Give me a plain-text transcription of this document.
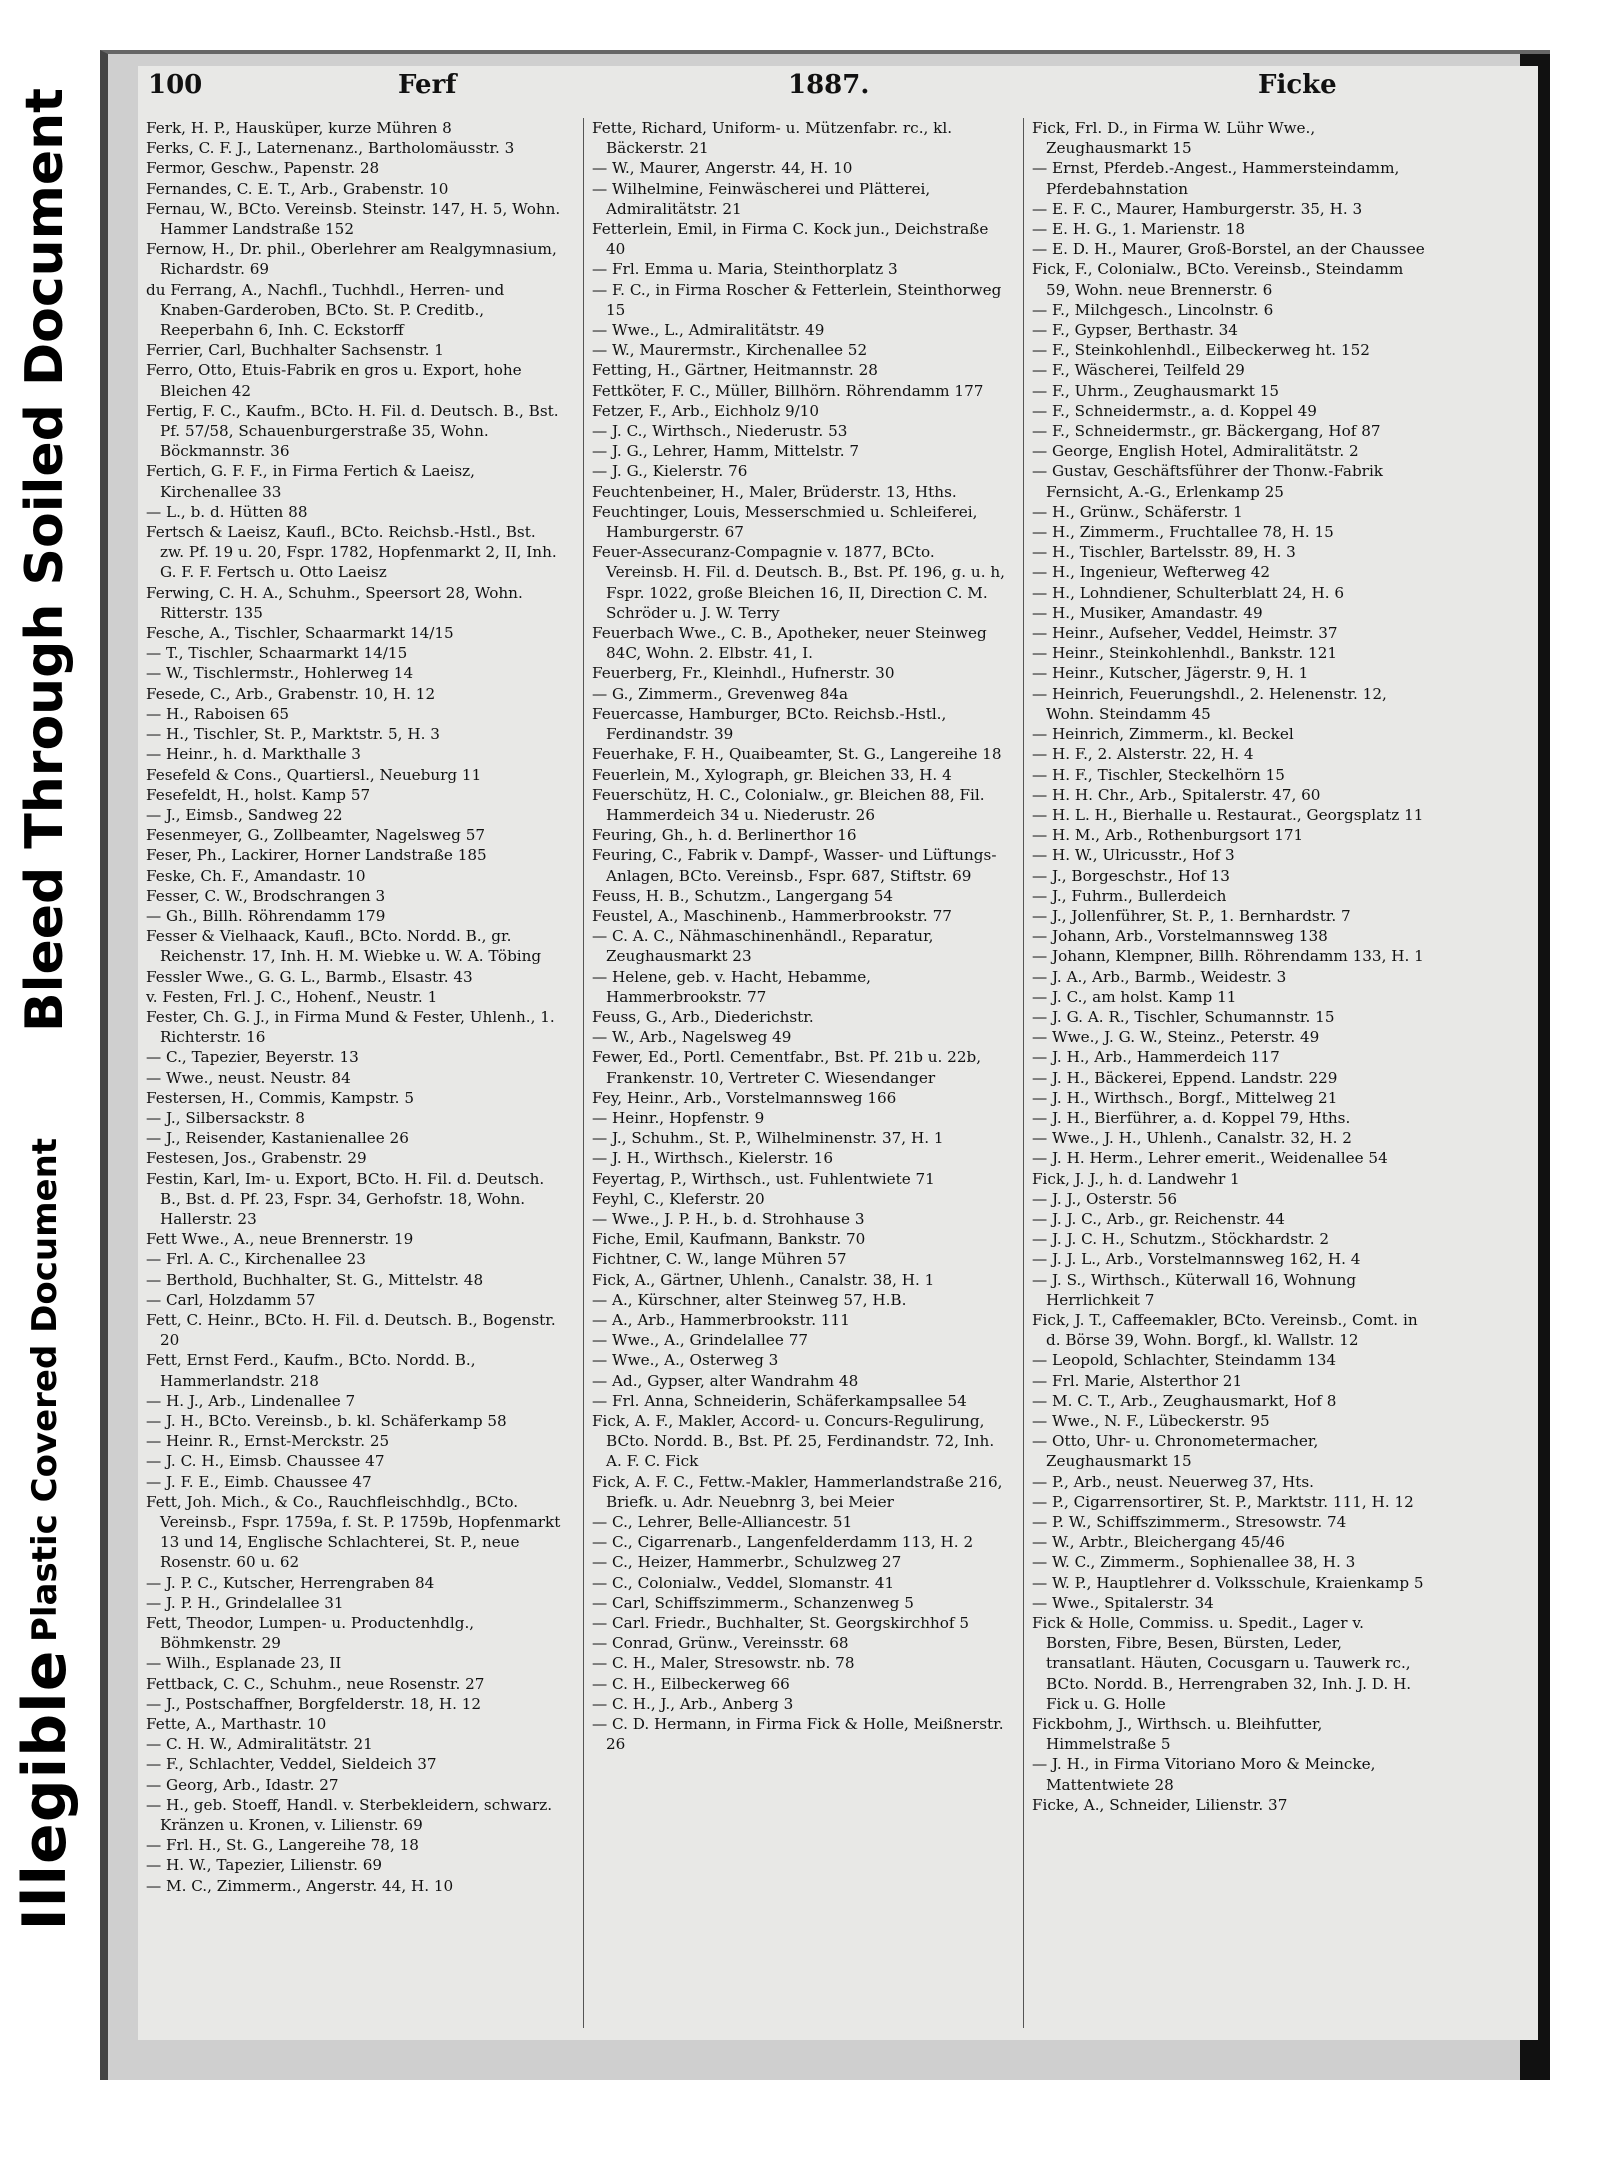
Illegible
Plastic Covered Document
Bleed Through Soiled Document
100	Ferf	1887.	Ficke

Ferk, H. P., Hausküper, kurze Mühren 8

Ferks, C. F. J., Laternenanz., Bartholomäusstr. 3

Fermor, Geschw., Papenstr. 28

Fernandes, C. E. T., Arb., Grabenstr. 10

Fernau, W., BCto. Vereinsb. Steinstr. 147, H. 5, Wohn. Hammer Landstraße 152

Fernow, H., Dr. phil., Oberlehrer am Realgymnasium, Richardstr. 69

du Ferrang, A., Nachfl., Tuchhdl., Herren- und Knaben-Garderoben, BCto. St. P. Creditb., Reeperbahn 6, Inh. C. Eckstorff

Ferrier, Carl, Buchhalter Sachsenstr. 1

Ferro, Otto, Etuis-Fabrik en gros u. Export, hohe Bleichen 42

Fertig, F. C., Kaufm., BCto. H. Fil. d. Deutsch. B., Bst. Pf. 57/58, Schauenburgerstraße 35, Wohn. Böckmannstr. 36

Fertich, G. F. F., in Firma Fertich & Laeisz, Kirchenallee 33

— L., b. d. Hütten 88

Fertsch & Laeisz, Kaufl., BCto. Reichsb.-Hstl., Bst. zw. Pf. 19 u. 20, Fspr. 1782, Hopfenmarkt 2, II, Inh. G. F. F. Fertsch u. Otto Laeisz

Ferwing, C. H. A., Schuhm., Speersort 28, Wohn. Ritterstr. 135

Fesche, A., Tischler, Schaarmarkt 14/15

— T., Tischler, Schaarmarkt 14/15

— W., Tischlermstr., Hohlerweg 14

Fesede, C., Arb., Grabenstr. 10, H. 12

— H., Raboisen 65

— H., Tischler, St. P., Marktstr. 5, H. 3

— Heinr., h. d. Markthalle 3

Fesefeld & Cons., Quartiersl., Neueburg 11

Fesefeldt, H., holst. Kamp 57

— J., Eimsb., Sandweg 22

Fesenmeyer, G., Zollbeamter, Nagelsweg 57

Feser, Ph., Lackirer, Horner Landstraße 185

Feske, Ch. F., Amandastr. 10

Fesser, C. W., Brodschrangen 3

— Gh., Billh. Röhrendamm 179

Fesser & Vielhaack, Kaufl., BCto. Nordd. B., gr. Reichenstr. 17, Inh. H. M. Wiebke u. W. A. Töbing

Fessler Wwe., G. G. L., Barmb., Elsastr. 43

v. Festen, Frl. J. C., Hohenf., Neustr. 1

Fester, Ch. G. J., in Firma Mund & Fester, Uhlenh., 1. Richterstr. 16

— C., Tapezier, Beyerstr. 13

— Wwe., neust. Neustr. 84

Festersen, H., Commis, Kampstr. 5

— J., Silbersackstr. 8

— J., Reisender, Kastanienallee 26

Festesen, Jos., Grabenstr. 29

Festin, Karl, Im- u. Export, BCto. H. Fil. d. Deutsch. B., Bst. d. Pf. 23, Fspr. 34, Gerhofstr. 18, Wohn. Hallerstr. 23

Fett Wwe., A., neue Brennerstr. 19

— Frl. A. C., Kirchenallee 23

— Berthold, Buchhalter, St. G., Mittelstr. 48

— Carl, Holzdamm 57

Fett, C. Heinr., BCto. H. Fil. d. Deutsch. B., Bogenstr. 20

Fett, Ernst Ferd., Kaufm., BCto. Nordd. B., Hammerlandstr. 218

— H. J., Arb., Lindenallee 7

— J. H., BCto. Vereinsb., b. kl. Schäferkamp 58

— Heinr. R., Ernst-Merckstr. 25

— J. C. H., Eimsb. Chaussee 47

— J. F. E., Eimb. Chaussee 47

Fett, Joh. Mich., & Co., Rauchfleischhdlg., BCto. Vereinsb., Fspr. 1759a, f. St. P. 1759b, Hopfenmarkt 13 und 14, Englische Schlachterei, St. P., neue Rosenstr. 60 u. 62

— J. P. C., Kutscher, Herrengraben 84

— J. P. H., Grindelallee 31

Fett, Theodor, Lumpen- u. Productenhdlg., Böhmkenstr. 29

— Wilh., Esplanade 23, II

Fettback, C. C., Schuhm., neue Rosenstr. 27

— J., Postschaffner, Borgfelderstr. 18, H. 12

Fette, A., Marthastr. 10

— C. H. W., Admiralitätstr. 21

— F., Schlachter, Veddel, Sieldeich 37

— Georg, Arb., Idastr. 27

— H., geb. Stoeff, Handl. v. Sterbekleidern, schwarz. Kränzen u. Kronen, v. Lilienstr. 69

— Frl. H., St. G., Langereihe 78, 18

— H. W., Tapezier, Lilienstr. 69

— M. C., Zimmerm., Angerstr. 44, H. 10

Fette, Richard, Uniform- u. Mützenfabr. rc., kl. Bäckerstr. 21

— W., Maurer, Angerstr. 44, H. 10

— Wilhelmine, Feinwäscherei und Plätterei, Admiralitätstr. 21

Fetterlein, Emil, in Firma C. Kock jun., Deichstraße 40

— Frl. Emma u. Maria, Steinthorplatz 3

— F. C., in Firma Roscher & Fetterlein, Steinthorweg 15

— Wwe., L., Admiralitätstr. 49

— W., Maurermstr., Kirchenallee 52

Fetting, H., Gärtner, Heitmannstr. 28

Fettköter, F. C., Müller, Billhörn. Röhrendamm 177

Fetzer, F., Arb., Eichholz 9/10

— J. C., Wirthsch., Niederustr. 53

— J. G., Lehrer, Hamm, Mittelstr. 7

— J. G., Kielerstr. 76

Feuchtenbeiner, H., Maler, Brüderstr. 13, Hths.

Feuchtinger, Louis, Messerschmied u. Schleiferei, Hamburgerstr. 67

Feuer-Assecuranz-Compagnie v. 1877, BCto. Vereinsb. H. Fil. d. Deutsch. B., Bst. Pf. 196, g. u. h, Fspr. 1022, große Bleichen 16, II, Direction C. M. Schröder u. J. W. Terry

Feuerbach Wwe., C. B., Apotheker, neuer Steinweg 84C, Wohn. 2. Elbstr. 41, I.

Feuerberg, Fr., Kleinhdl., Hufnerstr. 30

— G., Zimmerm., Grevenweg 84a

Feuercasse, Hamburger, BCto. Reichsb.-Hstl., Ferdinandstr. 39

Feuerhake, F. H., Quaibeamter, St. G., Langereihe 18

Feuerlein, M., Xylograph, gr. Bleichen 33, H. 4

Feuerschütz, H. C., Colonialw., gr. Bleichen 88, Fil. Hammerdeich 34 u. Niederustr. 26

Feuring, Gh., h. d. Berlinerthor 16

Feuring, C., Fabrik v. Dampf-, Wasser- und Lüftungs-Anlagen, BCto. Vereinsb., Fspr. 687, Stiftstr. 69

Feuss, H. B., Schutzm., Langergang 54

Feustel, A., Maschinenb., Hammerbrookstr. 77

— C. A. C., Nähmaschinenhändl., Reparatur, Zeughausmarkt 23

— Helene, geb. v. Hacht, Hebamme, Hammerbrookstr. 77

Feuss, G., Arb., Diederichstr.

— W., Arb., Nagelsweg 49

Fewer, Ed., Portl. Cementfabr., Bst. Pf. 21b u. 22b, Frankenstr. 10, Vertreter C. Wiesendanger

Fey, Heinr., Arb., Vorstelmannsweg 166

— Heinr., Hopfenstr. 9

— J., Schuhm., St. P., Wilhelminenstr. 37, H. 1

— J. H., Wirthsch., Kielerstr. 16

Feyertag, P., Wirthsch., ust. Fuhlentwiete 71

Feyhl, C., Kleferstr. 20

— Wwe., J. P. H., b. d. Strohhause 3

Fiche, Emil, Kaufmann, Bankstr. 70

Fichtner, C. W., lange Mühren 57

Fick, A., Gärtner, Uhlenh., Canalstr. 38, H. 1

— A., Kürschner, alter Steinweg 57, H.B.

— A., Arb., Hammerbrookstr. 111

— Wwe., A., Grindelallee 77

— Wwe., A., Osterweg 3

— Ad., Gypser, alter Wandrahm 48

— Frl. Anna, Schneiderin, Schäferkampsallee 54

Fick, A. F., Makler, Accord- u. Concurs-Regulirung, BCto. Nordd. B., Bst. Pf. 25, Ferdinandstr. 72, Inh. A. F. C. Fick

Fick, A. F. C., Fettw.-Makler, Hammerlandstraße 216, Briefk. u. Adr. Neuebnrg 3, bei Meier

— C., Lehrer, Belle-Alliancestr. 51

— C., Cigarrenarb., Langenfelderdamm 113, H. 2

— C., Heizer, Hammerbr., Schulzweg 27

— C., Colonialw., Veddel, Slomanstr. 41

— Carl, Schiffszimmerm., Schanzenweg 5

— Carl. Friedr., Buchhalter, St. Georgskirchhof 5

— Conrad, Grünw., Vereinsstr. 68

— C. H., Maler, Stresowstr. nb. 78

— C. H., Eilbeckerweg 66

— C. H., J., Arb., Anberg 3

— C. D. Hermann, in Firma Fick & Holle, Meißnerstr. 26

Fick, Frl. D., in Firma W. Lühr Wwe., Zeughausmarkt 15

— Ernst, Pferdeb.-Angest., Hammersteindamm, Pferdebahnstation

— E. F. C., Maurer, Hamburgerstr. 35, H. 3

— E. H. G., 1. Marienstr. 18

— E. D. H., Maurer, Groß-Borstel, an der Chaussee

Fick, F., Colonialw., BCto. Vereinsb., Steindamm 59, Wohn. neue Brennerstr. 6

— F., Milchgesch., Lincolnstr. 6

— F., Gypser, Berthastr. 34

— F., Steinkohlenhdl., Eilbeckerweg ht. 152

— F., Wäscherei, Teilfeld 29

— F., Uhrm., Zeughausmarkt 15

— F., Schneidermstr., a. d. Koppel 49

— F., Schneidermstr., gr. Bäckergang, Hof 87

— George, English Hotel, Admiralitätstr. 2

— Gustav, Geschäftsführer der Thonw.-Fabrik Fernsicht, A.-G., Erlenkamp 25

— H., Grünw., Schäferstr. 1

— H., Zimmerm., Fruchtallee 78, H. 15

— H., Tischler, Bartelsstr. 89, H. 3

— H., Ingenieur, Wefterweg 42

— H., Lohndiener, Schulterblatt 24, H. 6

— H., Musiker, Amandastr. 49

— Heinr., Aufseher, Veddel, Heimstr. 37

— Heinr., Steinkohlenhdl., Bankstr. 121

— Heinr., Kutscher, Jägerstr. 9, H. 1

— Heinrich, Feuerungshdl., 2. Helenenstr. 12, Wohn. Steindamm 45

— Heinrich, Zimmerm., kl. Beckel

— H. F., 2. Alsterstr. 22, H. 4

— H. F., Tischler, Steckelhörn 15

— H. H. Chr., Arb., Spitalerstr. 47, 60

— H. L. H., Bierhalle u. Restaurat., Georgsplatz 11

— H. M., Arb., Rothenburgsort 171

— H. W., Ulricusstr., Hof 3

— J., Borgeschstr., Hof 13

— J., Fuhrm., Bullerdeich

— J., Jollenführer, St. P., 1. Bernhardstr. 7

— Johann, Arb., Vorstelmannsweg 138

— Johann, Klempner, Billh. Röhrendamm 133, H. 1

— J. A., Arb., Barmb., Weidestr. 3

— J. C., am holst. Kamp 11

— J. G. A. R., Tischler, Schumannstr. 15

— Wwe., J. G. W., Steinz., Peterstr. 49

— J. H., Arb., Hammerdeich 117

— J. H., Bäckerei, Eppend. Landstr. 229

— J. H., Wirthsch., Borgf., Mittelweg 21

— J. H., Bierführer, a. d. Koppel 79, Hths.

— Wwe., J. H., Uhlenh., Canalstr. 32, H. 2

— J. H. Herm., Lehrer emerit., Weidenallee 54

Fick, J. J., h. d. Landwehr 1

— J. J., Osterstr. 56

— J. J. C., Arb., gr. Reichenstr. 44

— J. J. C. H., Schutzm., Stöckhardstr. 2

— J. J. L., Arb., Vorstelmannsweg 162, H. 4

— J. S., Wirthsch., Küterwall 16, Wohnung Herrlichkeit 7

Fick, J. T., Caffeemakler, BCto. Vereinsb., Comt. in d. Börse 39, Wohn. Borgf., kl. Wallstr. 12

— Leopold, Schlachter, Steindamm 134

— Frl. Marie, Alsterthor 21

— M. C. T., Arb., Zeughausmarkt, Hof 8

— Wwe., N. F., Lübeckerstr. 95

— Otto, Uhr- u. Chronometermacher, Zeughausmarkt 15

— P., Arb., neust. Neuerweg 37, Hts.

— P., Cigarrensortirer, St. P., Marktstr. 111, H. 12

— P. W., Schiffszimmerm., Stresowstr. 74

— W., Arbtr., Bleichergang 45/46

— W. C., Zimmerm., Sophienallee 38, H. 3

— W. P., Hauptlehrer d. Volksschule, Kraienkamp 5

— Wwe., Spitalerstr. 34

Fick & Holle, Commiss. u. Spedit., Lager v. Borsten, Fibre, Besen, Bürsten, Leder, transatlant. Häuten, Cocusgarn u. Tauwerk rc., BCto. Nordd. B., Herrengraben 32, Inh. J. D. H. Fick u. G. Holle

Fickbohm, J., Wirthsch. u. Bleihfutter, Himmelstraße 5

— J. H., in Firma Vitoriano Moro & Meincke, Mattentwiete 28

Ficke, A., Schneider, Lilienstr. 37
